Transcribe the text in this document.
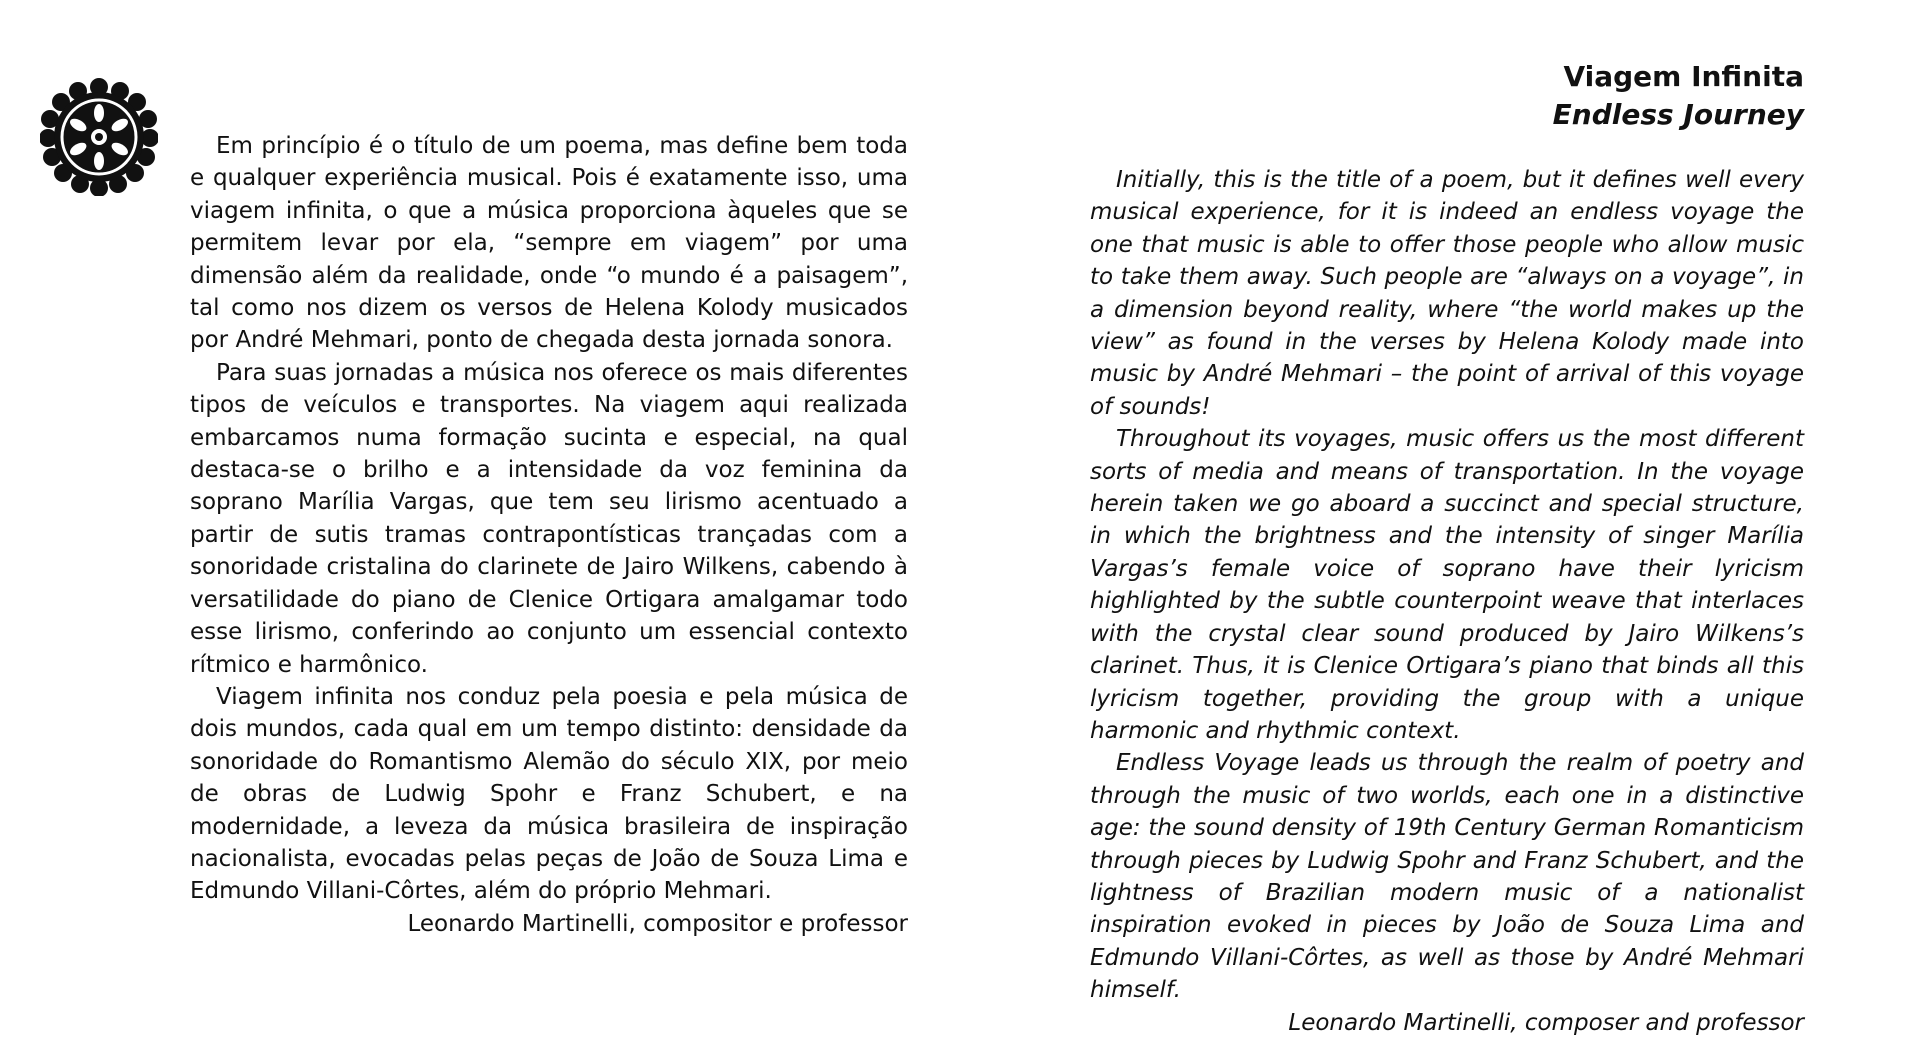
Em princípio é o título de um poema, mas define bem toda e qualquer experiência musical. Pois é exatamente isso, uma viagem infinita, o que a música proporciona àqueles que se permitem levar por ela, “sempre em viagem” por uma dimensão além da realidade, onde “o mundo é a paisagem”, tal como nos dizem os versos de Helena Kolody musicados por André Mehmari, ponto de chegada desta jornada sonora.

Para suas jornadas a música nos oferece os mais diferentes tipos de veículos e transportes. Na viagem aqui realizada embarcamos numa formação sucinta e especial, na qual destaca-se o brilho e a intensidade da voz feminina da soprano Marília Vargas, que tem seu lirismo acentuado a partir de sutis tramas contrapontísticas trançadas com a sonoridade cristalina do clarinete de Jairo Wilkens, cabendo à versatilidade do piano de Clenice Ortigara amalgamar todo esse lirismo, conferindo ao conjunto um essencial contexto rítmico e harmônico.

Viagem infinita nos conduz pela poesia e pela música de dois mundos, cada qual em um tempo distinto: densidade da sonoridade do Romantismo Alemão do século XIX, por meio de obras de Ludwig Spohr e Franz Schubert, e na modernidade, a leveza da música brasileira de inspiração nacionalista, evocadas pelas peças de João de Souza Lima e Edmundo Villani-Côrtes, além do próprio Mehmari.

Leonardo Martinelli, compositor e professor

Viagem Infinita
Endless Journey

Initially, this is the title of a poem, but it defines well every musical experience, for it is indeed an endless voyage the one that music is able to offer those people who allow music to take them away. Such people are “always on a voyage”, in a dimension beyond reality, where “the world makes up the view” as found in the verses by Helena Kolody made into music by André Mehmari – the point of arrival of this voyage of sounds!

Throughout its voyages, music offers us the most different sorts of media and means of transportation. In the voyage herein taken we go aboard a succinct and special structure, in which the brightness and the intensity of singer Marília Vargas’s female voice of soprano have their lyricism highlighted by the subtle counterpoint weave that interlaces with the crystal clear sound produced by Jairo Wilkens’s clarinet. Thus, it is Clenice Ortigara’s piano that binds all this lyricism together, providing the group with a unique harmonic and rhythmic context.

Endless Voyage leads us through the realm of poetry and through the music of two worlds, each one in a distinctive age: the sound density of 19th Century German Romanticism through pieces by Ludwig Spohr and Franz Schubert, and the lightness of Brazilian modern music of a nationalist inspiration evoked in pieces by João de Souza Lima and Edmundo Villani-Côrtes, as well as those by André Mehmari himself.

Leonardo Martinelli, composer and professor
